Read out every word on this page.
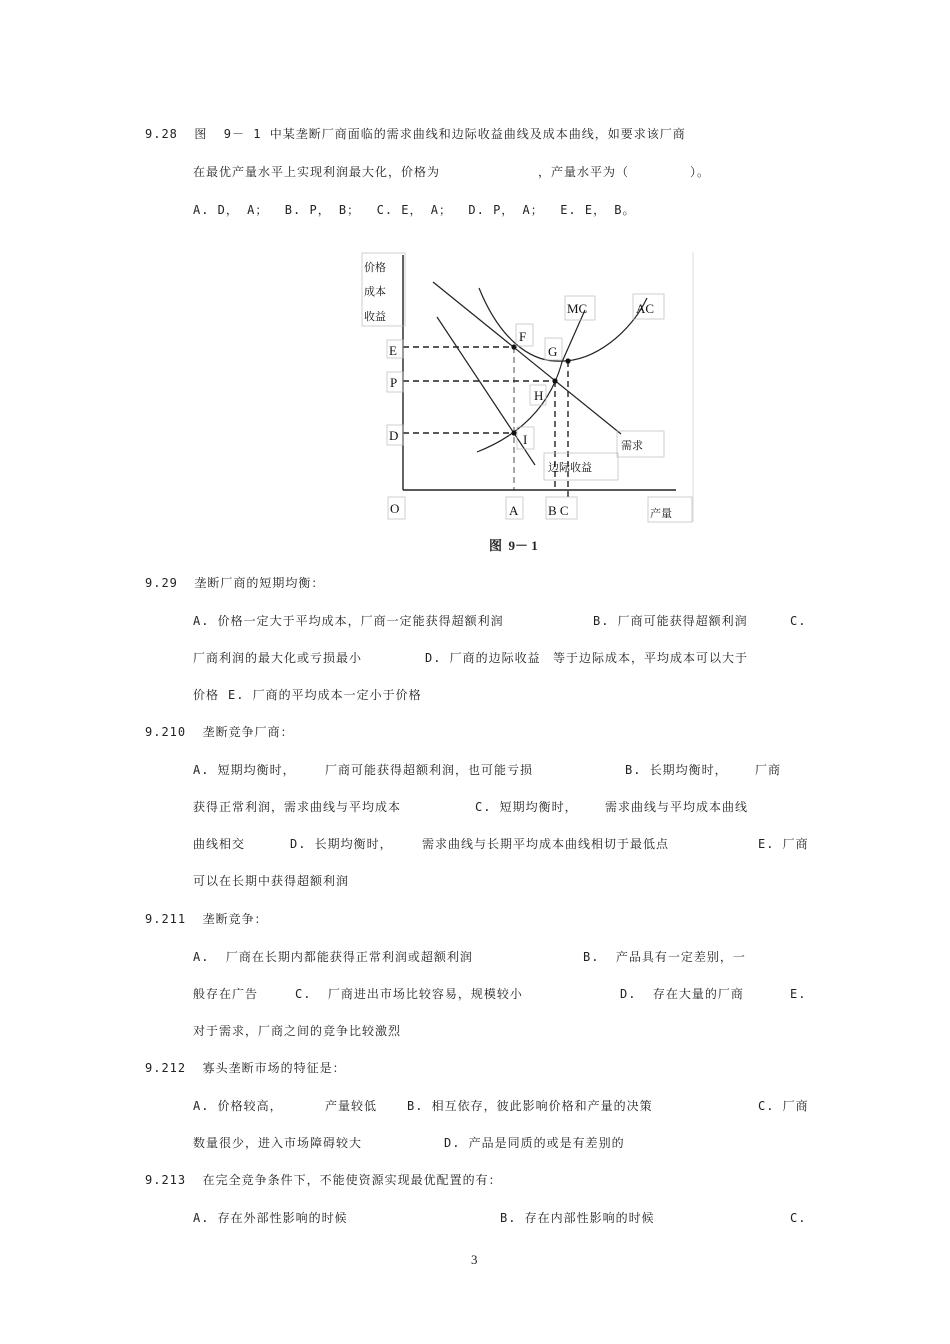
9.28  图  9－ 1 中某垄断厂商面临的需求曲线和边际收益曲线及成本曲线，如要求该厂商
在最优产量水平上实现利润最大化，价格为	，产量水平为（	）。
A. D， A；  B. P， B；  C. E， A；  D. P， A；  E. E， B。
9.29  垄断厂商的短期均衡：
A. 价格一定大于平均成本，厂商一定能获得超额利润	B. 厂商可能获得超额利润	C.
厂商利润的最大化或亏损最小	D. 厂商的边际收益 等于边际成本，平均成本可以大于
价格 E. 厂商的平均成本一定小于价格
9.210  垄断竞争厂商：
A. 短期均衡时， 厂商可能获得超额利润，也可能亏损	B. 长期均衡时， 厂商
获得正常利润，需求曲线与平均成本	C. 短期均衡时， 需求曲线与平均成本曲线
曲线相交	D. 长期均衡时， 需求曲线与长期平均成本曲线相切于最低点	E. 厂商
可以在长期中获得超额利润
9.211  垄断竞争：
A.  厂商在长期内都能获得正常利润或超额利润	B.  产品具有一定差别，一
般存在广告	C.  厂商进出市场比较容易，规模较小	D.  存在大量的厂商	E.
对于需求，厂商之间的竞争比较激烈
9.212  寡头垄断市场的特征是：
A. 价格较高，	产量较低 B. 相互依存，彼此影响价格和产量的决策	C. 厂商
数量很少，进入市场障碍较大	D. 产品是同质的或是有差别的
9.213  在完全竞争条件下，不能使资源实现最优配置的有：
A. 存在外部性影响的时候	B. 存在内部性影响的时候	C.
价格
成本
收益
E
P
D
F
G
H
I
MC	AC
需求
边际收益
O	A B C	产量
图  9－ 1
3
